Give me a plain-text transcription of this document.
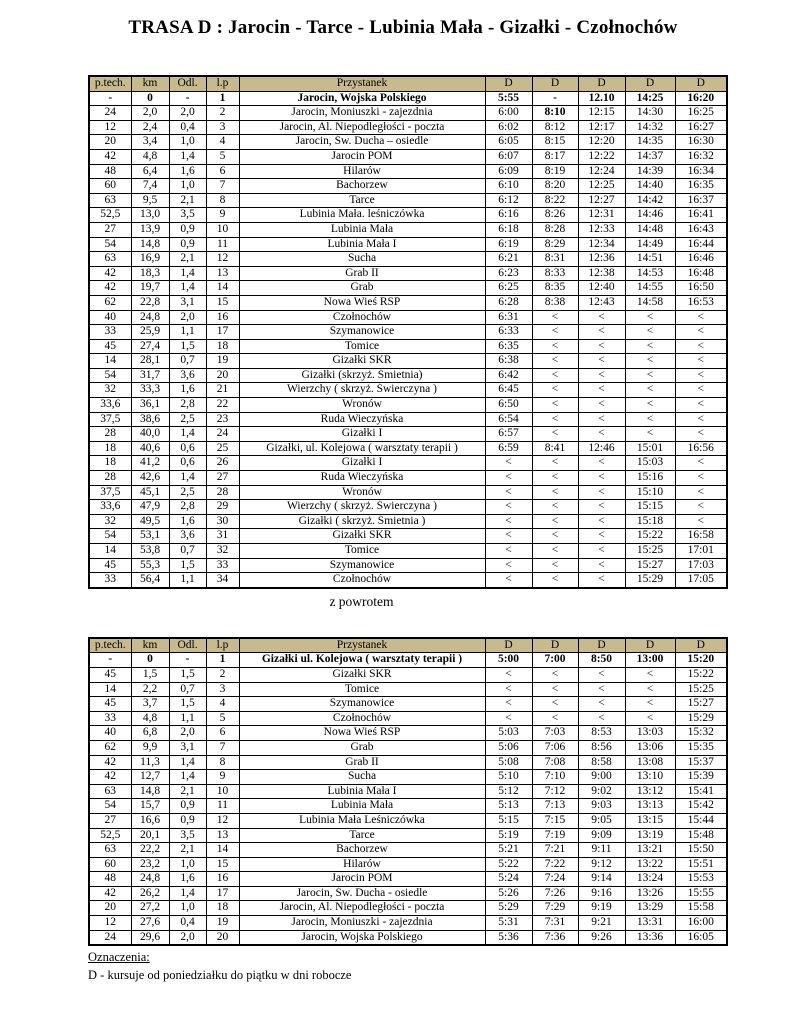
TRASA D : Jarocin - Tarce - Lubinia Mała - Gizałki - Czołnochów
p.tech.	km	Odl.	l.p	Przystanek	D	D	D	D	D
-	0	-	1	Jarocin, Wojska Polskiego	5:55	-	12.10	14:25	16:20
24	2,0	2,0	2	Jarocin, Moniuszki - zajezdnia	6:00	8:10	12:15	14:30	16:25
12	2,4	0,4	3	Jarocin, Al. Niepodległości - poczta	6:02	8:12	12:17	14:32	16:27
20	3,4	1,0	4	Jarocin, Św. Ducha – osiedle	6:05	8:15	12:20	14:35	16:30
42	4,8	1,4	5	Jarocin POM	6:07	8:17	12:22	14:37	16:32
48	6,4	1,6	6	Hilarów	6:09	8:19	12:24	14:39	16:34
60	7,4	1,0	7	Bachorzew	6:10	8:20	12:25	14:40	16:35
63	9,5	2,1	8	Tarce	6:12	8:22	12:27	14:42	16:37
52,5	13,0	3,5	9	Lubinia Mała. leśniczówka	6:16	8:26	12:31	14:46	16:41
27	13,9	0,9	10	Lubinia Mała	6:18	8:28	12:33	14:48	16:43
54	14,8	0,9	11	Lubinia Mała I	6:19	8:29	12:34	14:49	16:44
63	16,9	2,1	12	Sucha	6:21	8:31	12:36	14:51	16:46
42	18,3	1,4	13	Grab II	6:23	8:33	12:38	14:53	16:48
42	19,7	1,4	14	Grab	6:25	8:35	12:40	14:55	16:50
62	22,8	3,1	15	Nowa Wieś RSP	6:28	8:38	12:43	14:58	16:53
40	24,8	2,0	16	Czołnochów	6:31	<	<	<	<
33	25,9	1,1	17	Szymanowice	6:33	<	<	<	<
45	27,4	1,5	18	Tomice	6:35	<	<	<	<
14	28,1	0,7	19	Gizałki SKR	6:38	<	<	<	<
54	31,7	3,6	20	Gizałki (skrzyż. Śmietnia)	6:42	<	<	<	<
32	33,3	1,6	21	Wierzchy ( skrzyż. Świerczyna )	6:45	<	<	<	<
33,6	36,1	2,8	22	Wronów	6:50	<	<	<	<
37,5	38,6	2,5	23	Ruda Wieczyńska	6:54	<	<	<	<
28	40,0	1,4	24	Gizałki I	6:57	<	<	<	<
18	40,6	0,6	25	Gizałki, ul. Kolejowa ( warsztaty terapii )	6:59	8:41	12:46	15:01	16:56
18	41,2	0,6	26	Gizałki I	<	<	<	15:03	<
28	42,6	1,4	27	Ruda Wieczyńska	<	<	<	15:16	<
37,5	45,1	2,5	28	Wronów	<	<	<	15:10	<
33,6	47,9	2,8	29	Wierzchy ( skrzyż. Świerczyna )	<	<	<	15:15	<
32	49,5	1,6	30	Gizałki ( skrzyż. Śmietnia )	<	<	<	15:18	<
54	53,1	3,6	31	Gizałki SKR	<	<	<	15:22	16:58
14	53,8	0,7	32	Tomice	<	<	<	15:25	17:01
45	55,3	1,5	33	Szymanowice	<	<	<	15:27	17:03
33	56,4	1,1	34	Czołnochów	<	<	<	15:29	17:05
z powrotem
p.tech.	km	Odl.	l.p	Przystanek	D	D	D	D	D
-	0	-	1	Gizałki ul. Kolejowa ( warsztaty terapii )	5:00	7:00	8:50	13:00	15:20
45	1,5	1,5	2	Gizałki SKR	<	<	<	<	15:22
14	2,2	0,7	3	Tomice	<	<	<	<	15:25
45	3,7	1,5	4	Szymanowice	<	<	<	<	15:27
33	4,8	1,1	5	Czołnochów	<	<	<	<	15:29
40	6,8	2,0	6	Nowa Wieś RSP	5:03	7:03	8:53	13:03	15:32
62	9,9	3,1	7	Grab	5:06	7:06	8:56	13:06	15:35
42	11,3	1,4	8	Grab II	5:08	7:08	8:58	13:08	15:37
42	12,7	1,4	9	Sucha	5:10	7:10	9:00	13:10	15:39
63	14,8	2,1	10	Lubinia Mała I	5:12	7:12	9:02	13:12	15:41
54	15,7	0,9	11	Lubinia Mała	5:13	7:13	9:03	13:13	15:42
27	16,6	0,9	12	Lubinia Mała Leśniczówka	5:15	7:15	9:05	13:15	15:44
52,5	20,1	3,5	13	Tarce	5:19	7:19	9:09	13:19	15:48
63	22,2	2,1	14	Bachorzew	5:21	7:21	9:11	13:21	15:50
60	23,2	1,0	15	Hilarów	5:22	7:22	9:12	13:22	15:51
48	24,8	1,6	16	Jarocin POM	5:24	7:24	9:14	13:24	15:53
42	26,2	1,4	17	Jarocin, Św. Ducha - osiedle	5:26	7:26	9:16	13:26	15:55
20	27,2	1,0	18	Jarocin, Al. Niepodległości - poczta	5:29	7:29	9:19	13:29	15:58
12	27,6	0,4	19	Jarocin, Moniuszki - zajezdnia	5:31	7:31	9:21	13:31	16:00
24	29,6	2,0	20	Jarocin, Wojska Polskiego	5:36	7:36	9:26	13:36	16:05
Oznaczenia:
D - kursuje od poniedziałku do piątku w dni robocze
